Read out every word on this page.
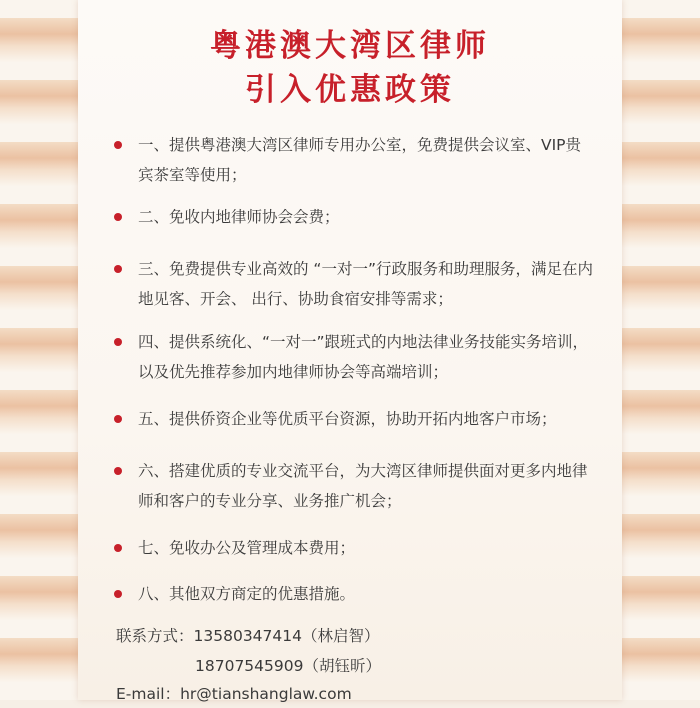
粤港澳大湾区律师
引入优惠政策
一、提供粤港澳大湾区律师专用办公室，免费提供会议室、VIP贵宾茶室等使用；
二、免收内地律师协会会费；
三、免费提供专业高效的 “一对一”行政服务和助理服务，满足在内地见客、开会、 出行、协助食宿安排等需求；
四、提供系统化、“一对一”跟班式的内地法律业务技能实务培训， 以及优先推荐参加内地律师协会等高端培训；
五、提供侨资企业等优质平台资源，协助开拓内地客户市场；
六、搭建优质的专业交流平台，为大湾区律师提供面对更多内地律师和客户的专业分享、业务推广机会；
七、免收办公及管理成本费用；
八、其他双方商定的优惠措施。
联系方式：13580347414（林启智）
18707545909（胡钰昕）
E-mail：hr@tianshanglaw.com
